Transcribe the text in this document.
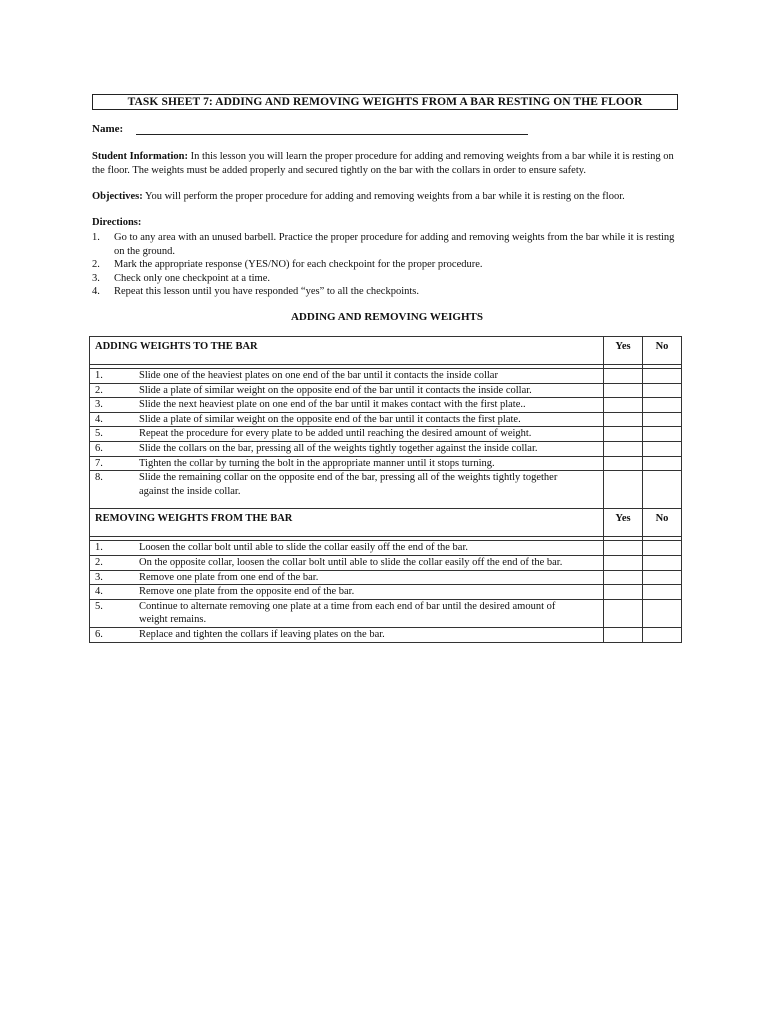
TASK SHEET 7: ADDING AND REMOVING WEIGHTS FROM A BAR RESTING ON THE FLOOR
Name:
Student Information: In this lesson you will learn the proper procedure for adding and removing weights from a bar while it is resting on the floor. The weights must be added properly and secured tightly on the bar with the collars in order to ensure safety.
Objectives: You will perform the proper procedure for adding and removing weights from a bar while it is resting on the floor.
Directions:
1.	Go to any area with an unused barbell. Practice the proper procedure for adding and removing weights from the bar while it is resting on the ground.
2.	Mark the appropriate response (YES/NO) for each checkpoint for the proper procedure.
3.	Check only one checkpoint at a time.
4.	Repeat this lesson until you have responded “yes” to all the checkpoints.
ADDING AND REMOVING WEIGHTS
ADDING WEIGHTS TO THE BAR	Yes	No

1. Slide one of the heaviest plates on one end of the bar until it contacts the inside collar		
2. Slide a plate of similar weight on the opposite end of the bar until it contacts the inside collar.		
3. Slide the next heaviest plate on one end of the bar until it makes contact with the first plate..		
4. Slide a plate of similar weight on the opposite end of the bar until it contacts the first plate.		
5. Repeat the procedure for every plate to be added until reaching the desired amount of weight.		
6. Slide the collars on the bar, pressing all of the weights tightly together against the inside collar.		
7. Tighten the collar by turning the bolt in the appropriate manner until it stops turning.		
8. Slide the remaining collar on the opposite end of the bar, pressing all of the weights tightly together against the inside collar.		
REMOVING WEIGHTS FROM THE BAR	Yes	No

1. Loosen the collar bolt until able to slide the collar easily off the end of the bar.		
2. On the opposite collar, loosen the collar bolt until able to slide the collar easily off the end of the bar.		
3. Remove one plate from one end of the bar.		
4. Remove one plate from the opposite end of the bar.		
5. Continue to alternate removing one plate at a time from each end of bar until the desired amount of weight remains.		
6. Replace and tighten the collars if leaving plates on the bar.		
